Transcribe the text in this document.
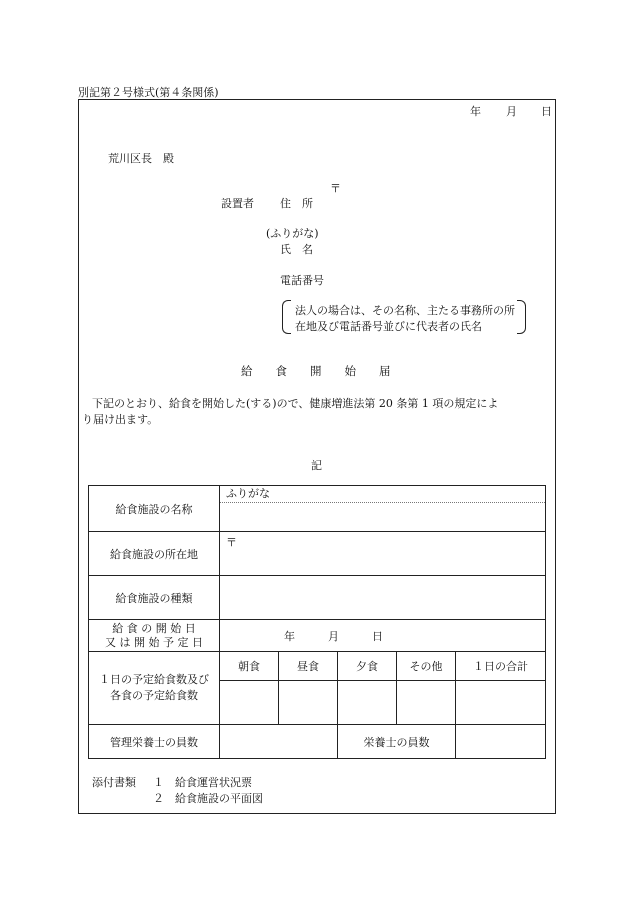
別記第２号様式(第４条関係)
年 月 日
荒川区長　殿
〒
設置者 住　所
(ふりがな)
氏　名
電話番号
法人の場合は、その名称、主たる事務所の所
在地及び電話番号並びに代表者の氏名
給　　食　　開　　始　　届
下記のとおり、給食を開始した(する)ので、健康増進法第 20 条第 1 項の規定によ
り届け出ます。
記
給食施設の名称	ふりがな				

給食施設の所在地	〒				
給食施設の種類					

給 食 の 開 始 日
又 は 開 始 予 定 日	年　　　月　　　日				

１日の予定給食数及び
各食の予定給食数	朝食	昼食	夕食	その他	１日の合計

管理栄養士の員数			栄養士の員数		
添付書類 １　給食運営状況票
２　給食施設の平面図
